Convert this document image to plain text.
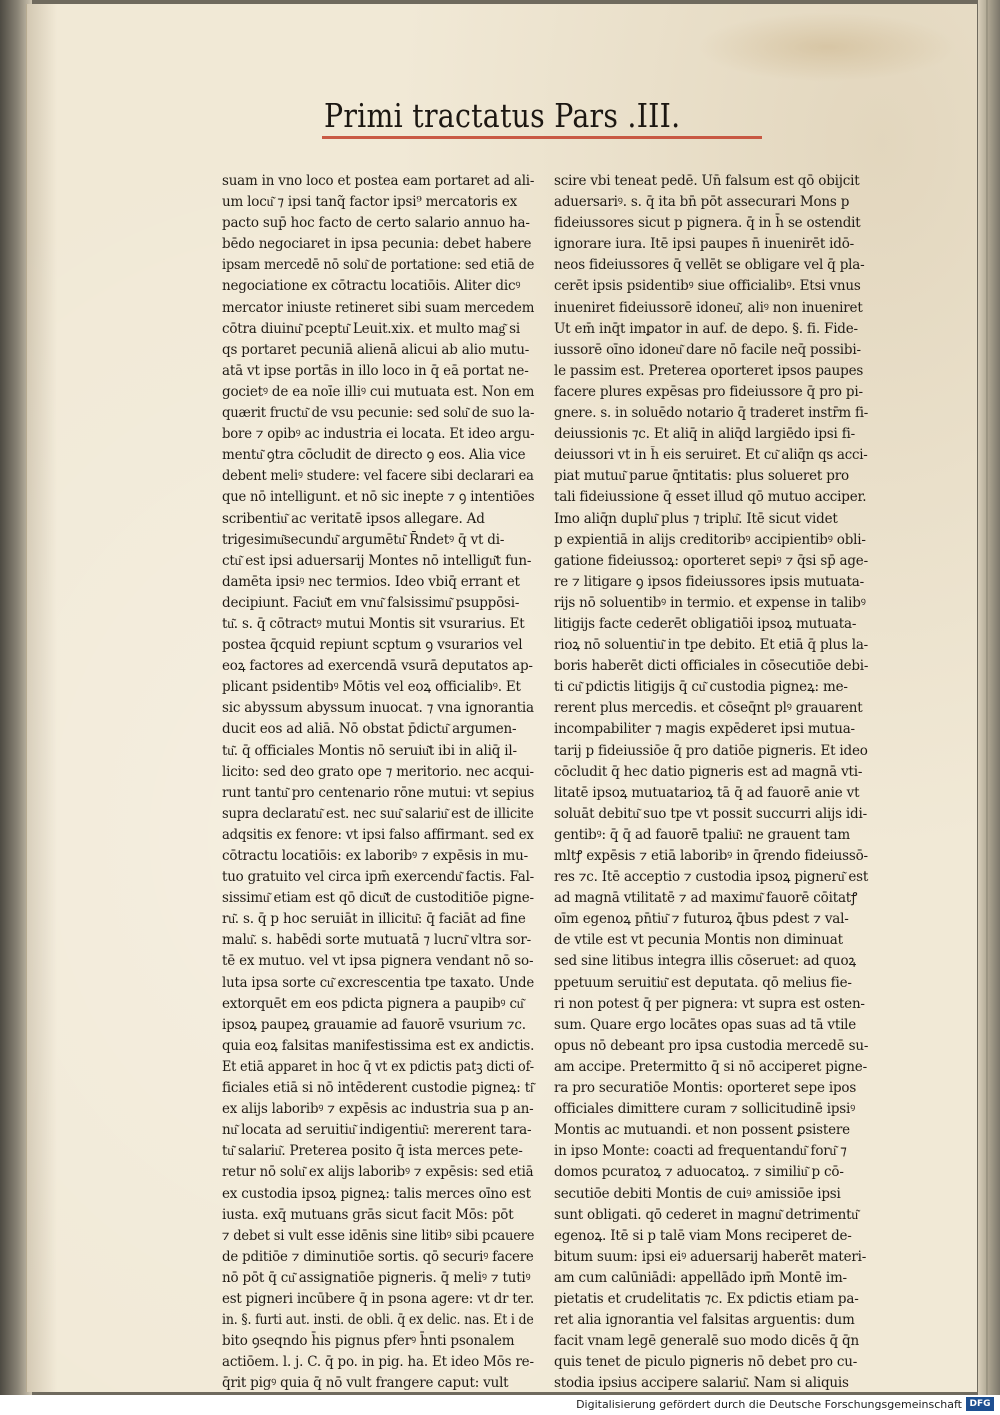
Primi tractatus Pars .III.
suam in vno loco et postea eam portaret ad ali-
um locu͂ ⁊ ipsi tanq̃ factor ipsi⁹ mercatoris ex
pacto sup̄ hoc facto de certo salario annuo ha-
bēdo negociaret in ipsa pecunia: debet habere
ipsam mercedē nō solu͂ de portatione: sed etiā de
negociatione ex cōtractu locatiōis. Aliter dicꝰ
mercator iniuste retineret sibi suam mercedem
cōtra diuinu͂ pceptu͂ Leuit.xix. et multo mag͂ si
qs portaret pecuniā alienā alicui ab alio mutu-
atā vt ipse portās in illo loco in q̄ eā portat ne-
gocietꝰ de ea noīe illiꝰ cui mutuata est. Non em
quærit fructu͂ de vsu pecunie: sed solu͂ de suo la-
bore ⁊ opibꝰ ac industria ei locata. Et ideo argu-
mentu͂ ꝯtra cōcludit de directo ꝯ eos. Alia vice
debent meliꝰ studere: vel facere sibi declarari ea
que nō intelligunt. et nō sic inepte ⁊ ꝯ intentiōes
scribentiu͂ ac veritatē ipsos allegare. Ad
trigesimu͂secundu͂ argumētu͂ R̄ndetꝰ q̄ vt di-
ctu͂ est ipsi aduersarij Montes nō intelligu͂t fun-
damēta ipsiꝰ nec termios. Ideo vbiq̄ errant et
decipiunt. Faciu͂t em vnu͂ falsissimu͂ psuppōsi-
tu͂. s. q̄ cōtractꝰ mutui Montis sit vsurarius. Et
postea q̄cquid repiunt scptum ꝯ vsurarios vel
eoꝝ factores ad exercendā vsurā deputatos ap-
plicant psidentibꝰ Mōtis vel eoꝝ officialibꝰ. Et
sic abyssum abyssum inuocat. ⁊ vna ignorantia
ducit eos ad aliā. Nō obstat p̄dictu͂ argumen-
tu͂. q̄ officiales Montis nō seruiu͂t ibi in aliq̄ il-
licito: sed deo grato ope ⁊ meritorio. nec acqui-
runt tantu͂ pro centenario rōne mutui: vt sepius
supra declaratu͂ est. nec suu͂ salariu͂ est de illicite
adqsitis ex fenore: vt ipsi falso affirmant. sed ex
cōtractu locatiōis: ex laboribꝰ ⁊ expēsis in mu-
tuo gratuito vel circa ipm̄ exercendu͂ factis. Fal-
sissimu͂ etiam est qō dicu͂t de custoditiōe pigne-
ru͂. s. q̄ p hoc seruiāt in illicitu͂: q̄ faciāt ad fine
malu͂. s. habēdi sorte mutuatā ⁊ lucru͂ vltra sor-
tē ex mutuo. vel vt ipsa pignera vendant nō so-
luta ipsa sorte cu͂ excrescentia tpe taxato. Unde
extorquēt em eos pdicta pignera a paupibꝰ cu͂
ipsoꝝ paupeꝝ grauamie ad fauorē vsurium ⁊c.
quia eoꝝ falsitas manifestissima est ex andictis.
Et etiā apparet in hoc q̄ vt ex pdictis patꝫ dicti of-
ficiales etiā si nō intēderent custodie pigneꝝ: ti͂
ex alijs laboribꝰ ⁊ expēsis ac industria sua p an-
nu͂ locata ad seruitiu͂ indigentiu͂: mererent tara-
tu͂ salariu͂. Preterea posito q̄ ista merces pete-
retur nō solu͂ ex alijs laboribꝰ ⁊ expēsis: sed etiā
ex custodia ipsoꝝ pigneꝝ: talis merces oīno est
iusta. exq̄ mutuans grās sicut facit Mōs: pōt
⁊ debet si vult esse idēnis sine litibꝰ sibi pcauere
de pditiōe ⁊ diminutiōe sortis. qō securiꝰ facere
nō pōt q̄ cu͂ assignatiōe pigneris. q̄ meliꝰ ⁊ tutiꝰ
est pigneri incūbere q̄ in psona agere: vt dr ter.
in. §. furti aut. insti. de obli. q̄ ex delic. nas. Et i de
bito ꝯseqndo h̄is pignus pferꝰ h̄nti psonalem
actiōem. l. j. C. q̄ po. in pig. ha. Et ideo Mōs re-
q̄rit pigꝰ quia q̄ nō vult frangere caput: vult
scire vbi teneat pedē. Un̄ falsum est qō obijcit
aduersariꝰ. s. q̄ ita bn̄ pōt assecurari Mons p
fideiussores sicut p pignera. q̄ in h̄ se ostendit
ignorare iura. Itē ipsi paupes n̄ inuenirēt idō-
neos fideiussores q̄ vellēt se obligare vel q̄ pla-
cerēt ipsis psidentibꝰ siue officialibꝰ. Etsi vnus
inueniret fideiussorē idoneu͂, aliꝰ non inueniret
Ut em̄ inq̄t imꝑator in auf. de depo. §. fi. Fide-
iussorē oīno idoneu͂ dare nō facile neq̄ possibi-
le passim est. Preterea oporteret ipsos paupes
facere plures expēsas pro fideiussore q̄ pro pi-
gnere. s. in soluēdo notario q̄ traderet instr̄m fi-
deiussionis ⁊c. Et aliq̄ in aliq̄d largiēdo ipsi fi-
deiussori vt in h̄ eis seruiret. Et cu͂ aliq̄n qs acci-
piat mutuu͂ parue q̄ntitatis: plus solueret pro
tali fideiussione q̄ esset illud qō mutuo acciper.
Imo aliq̄n duplu͂ plus ⁊ triplu͂. Itē sicut videt
p expientiā in alijs creditoribꝰ accipientibꝰ obli-
gatione fideiussoꝝ: oporteret sepiꝰ ⁊ q̄si sp̄ age-
re ⁊ litigare ꝯ ipsos fideiussores ipsis mutuata-
rijs nō soluentibꝰ in termio. et expense in talibꝰ
litigijs facte cederēt obligatiōi ipsoꝝ mutuata-
rioꝝ nō soluentiu͂ in tpe debito. Et etiā q̄ plus la-
boris haberēt dicti officiales in cōsecutiōe debi-
ti cu͂ pdictis litigijs q̄ cu͂ custodia pigneꝝ: me-
rerent plus mercedis. et cōseq̄nt plꝰ grauarent
incompabiliter ⁊ magis expēderet ipsi mutua-
tarij p fideiussiōe q̄ pro datiōe pigneris. Et ideo
cōcludit q̄ hec datio pigneris est ad magnā vti-
litatē ipsoꝝ mutuatarioꝝ tā q̄ ad fauorē anie vt
soluāt debitu͂ suo tpe vt possit succurri alijs idi-
gentibꝰ: q̄ q̄ ad fauorē tpaliu͂: ne grauent tam
mltꝭ expēsis ⁊ etiā laboribꝰ in q̄rendo fideiussō-
res ⁊c. Itē acceptio ⁊ custodia ipsoꝝ pigneru͂ est
ad magnā vtilitatē ⁊ ad maximu͂ fauorē cōitatꝭ
oīm egenoꝝ pn̄tiu͂ ⁊ futuroꝝ q̄bus pdest ⁊ val-
de vtile est vt pecunia Montis non diminuat
sed sine litibus integra illis cōseruet: ad quoꝝ
ppetuum seruitiu͂ est deputata. qō melius fie-
ri non potest q̄ per pignera: vt supra est osten-
sum. Quare ergo locātes opas suas ad tā vtile
opus nō debeant pro ipsa custodia mercedē su-
am accipe. Pretermitto q̄ si nō acciperet pigne-
ra pro securatiōe Montis: oporteret sepe ipos
officiales dimittere curam ⁊ sollicitudinē ipsiꝰ
Montis ac mutuandi. et non possent ꝑsistere
in ipso Monte: coacti ad frequentandu͂ foru͂ ⁊
domos pcuratoꝝ ⁊ aduocatoꝝ. ⁊ similiu͂ p cō-
secutiōe debiti Montis de cuiꝰ amissiōe ipsi
sunt obligati. qō cederet in magnu͂ detrimentu͂
egenoꝝ. Itē si p talē viam Mons reciperet de-
bitum suum: ipsi eiꝰ aduersarij haberēt materi-
am cum calūniādi: appellādo ipm̄ Montē im-
pietatis et crudelitatis ⁊c. Ex pdictis etiam pa-
ret alia ignorantia vel falsitas arguentis: dum
facit vnam legē generalē suo modo dicēs q̄ q̄n
quis tenet de piculo pigneris nō debet pro cu-
stodia ipsius accipere salariu͂. Nam si aliquis
Digitalisierung gefördert durch die Deutsche Forschungsgemeinschaft DFG
